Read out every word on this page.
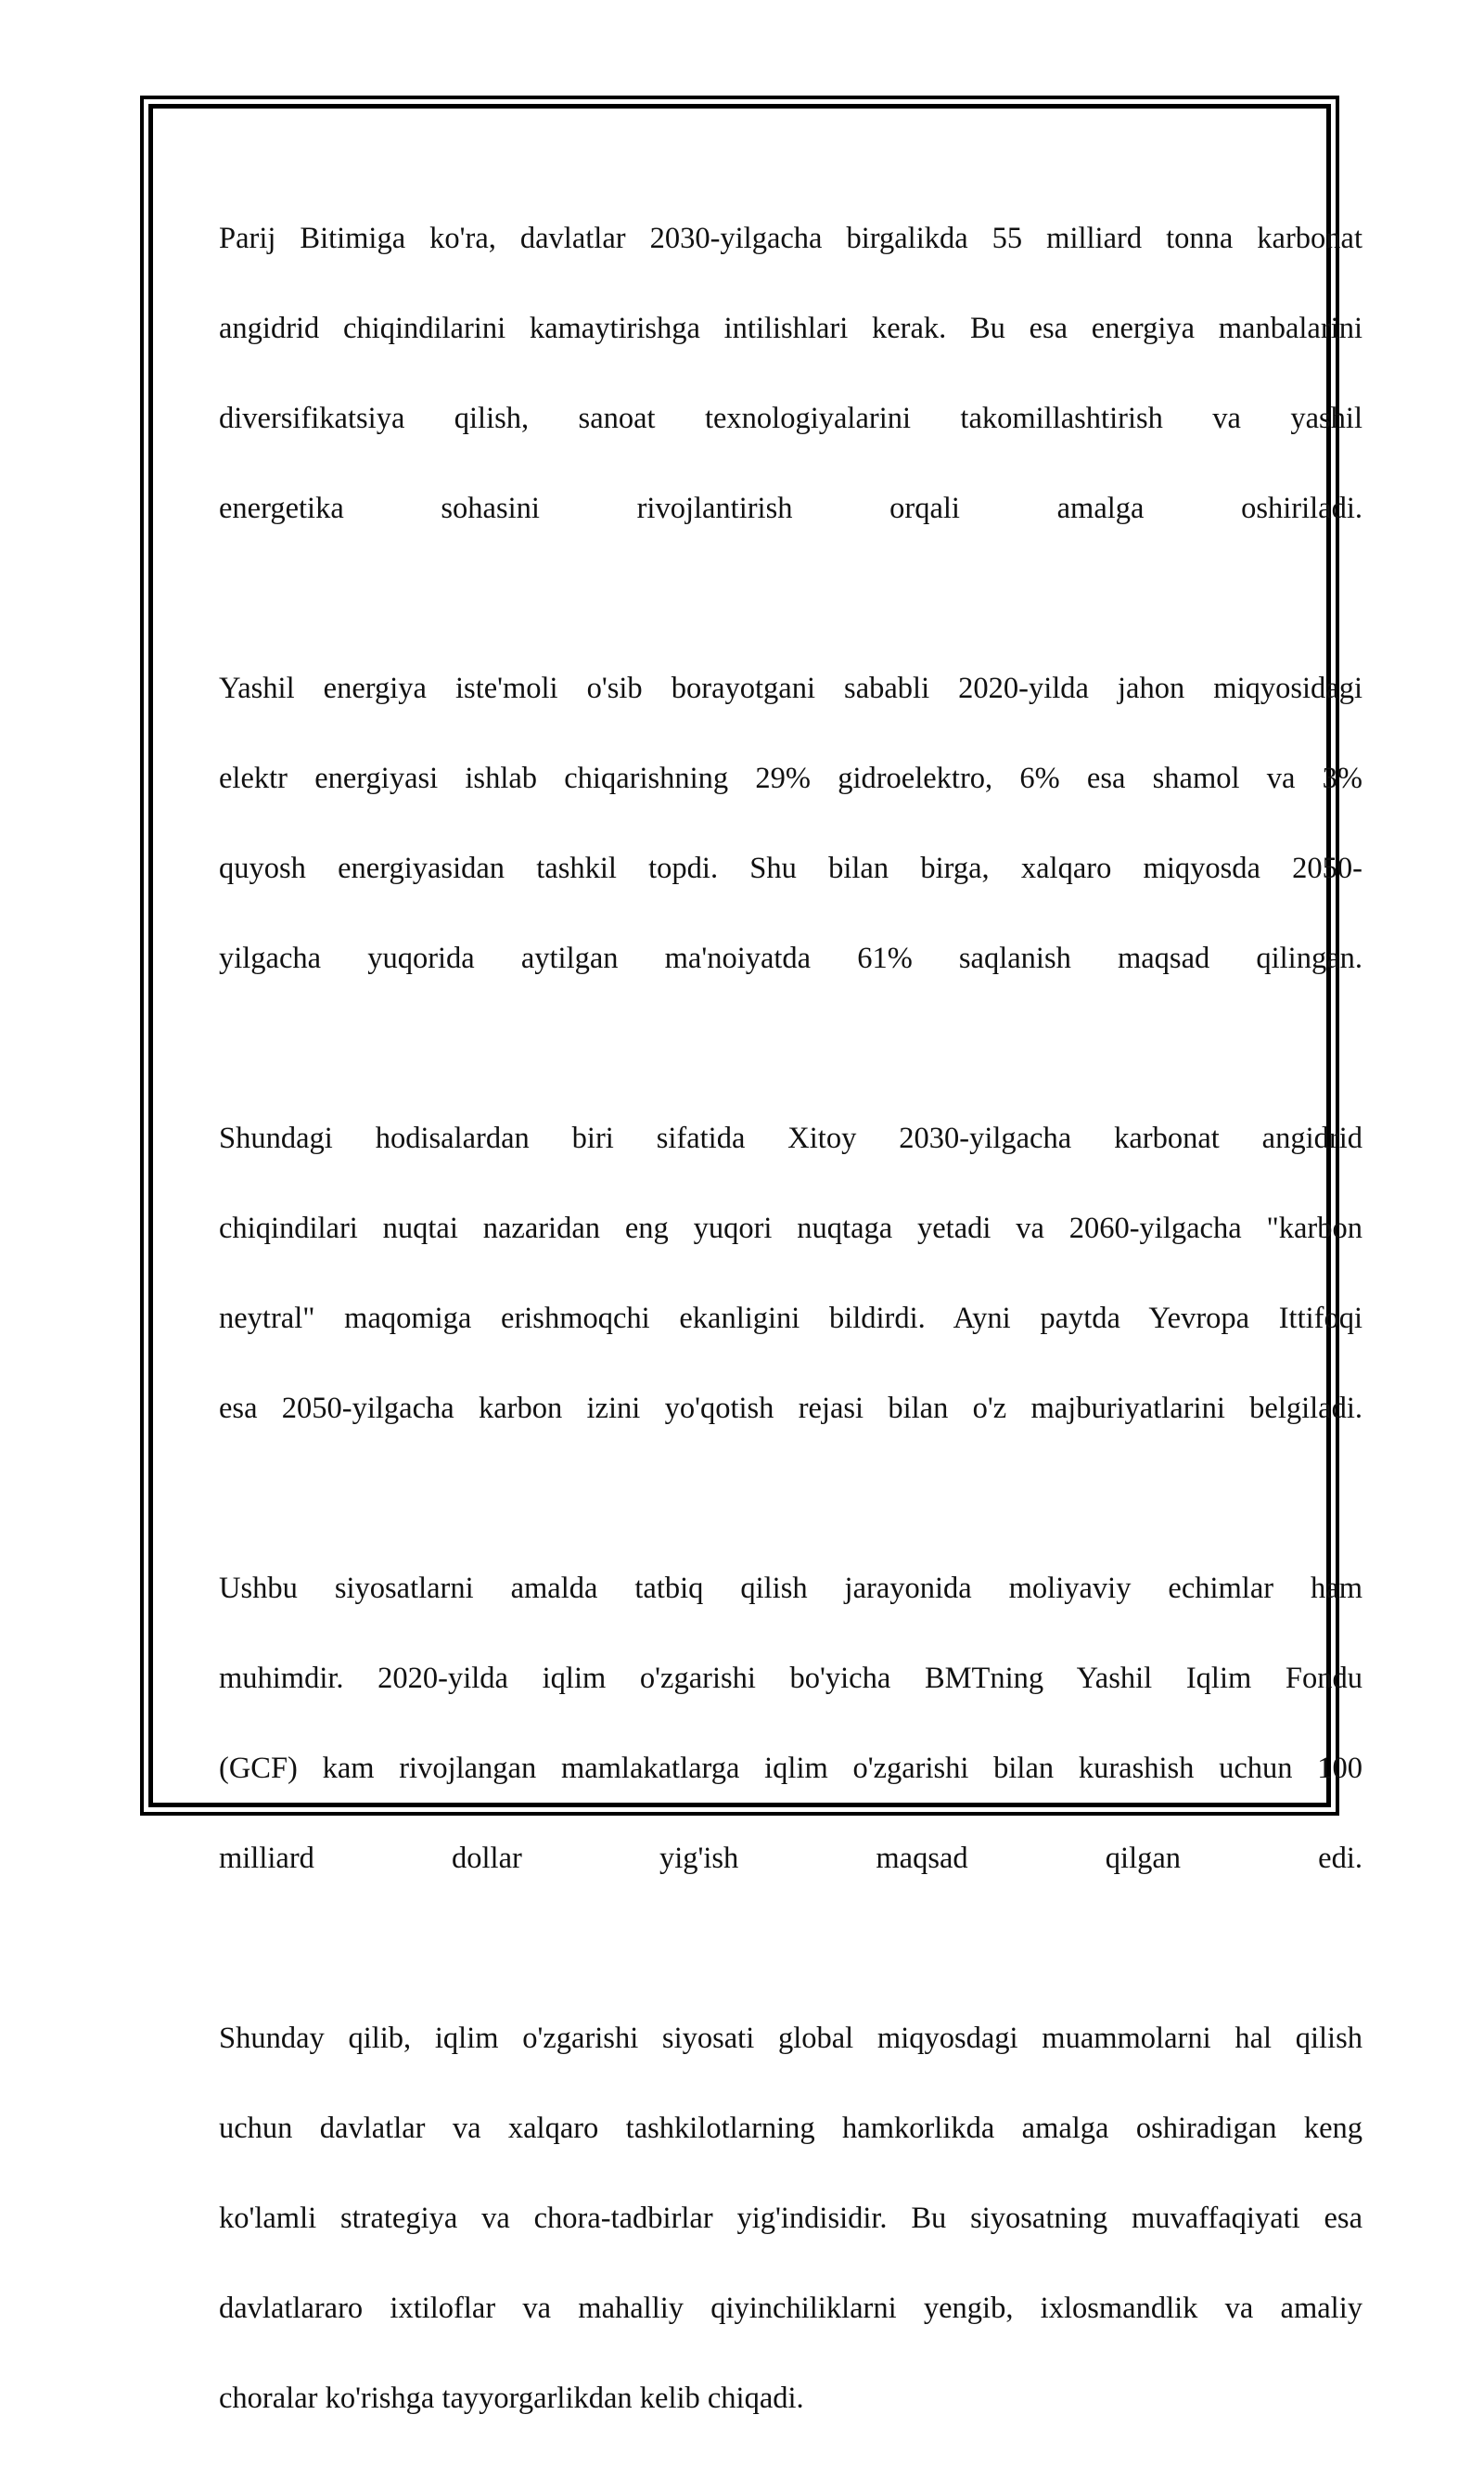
Parij Bitimiga ko'ra, davlatlar 2030-yilgacha birgalikda 55 milliard tonna karbonat

angidrid chiqindilarini kamaytirishga intilishlari kerak. Bu esa energiya manbalarini

diversifikatsiya qilish, sanoat texnologiyalarini takomillashtirish va yashil

energetika sohasini rivojlantirish orqali amalga oshiriladi.

Yashil energiya iste'moli o'sib borayotgani sababli 2020-yilda jahon miqyosidagi

elektr energiyasi ishlab chiqarishning 29% gidroelektro, 6% esa shamol va 3%

quyosh energiyasidan tashkil topdi. Shu bilan birga, xalqaro miqyosda 2050-

yilgacha yuqorida aytilgan ma'noiyatda 61% saqlanish maqsad qilingan.

Shundagi hodisalardan biri sifatida Xitoy 2030-yilgacha karbonat angidrid

chiqindilari nuqtai nazaridan eng yuqori nuqtaga yetadi va 2060-yilgacha "karbon

neytral" maqomiga erishmoqchi ekanligini bildirdi. Ayni paytda Yevropa Ittifoqi

esa 2050-yilgacha karbon izini yo'qotish rejasi bilan o'z majburiyatlarini belgiladi.

Ushbu siyosatlarni amalda tatbiq qilish jarayonida moliyaviy echimlar ham

muhimdir. 2020-yilda iqlim o'zgarishi bo'yicha BMTning Yashil Iqlim Fondu

(GCF) kam rivojlangan mamlakatlarga iqlim o'zgarishi bilan kurashish uchun 100

milliard dollar yig'ish maqsad qilgan edi.

Shunday qilib, iqlim o'zgarishi siyosati global miqyosdagi muammolarni hal qilish

uchun davlatlar va xalqaro tashkilotlarning hamkorlikda amalga oshiradigan keng

ko'lamli strategiya va chora-tadbirlar yig'indisidir. Bu siyosatning muvaffaqiyati esa

davlatlararo ixtiloflar va mahalliy qiyinchiliklarni yengib, ixlosmandlik va amaliy

choralar ko'rishga tayyorgarlikdan kelib chiqadi.
